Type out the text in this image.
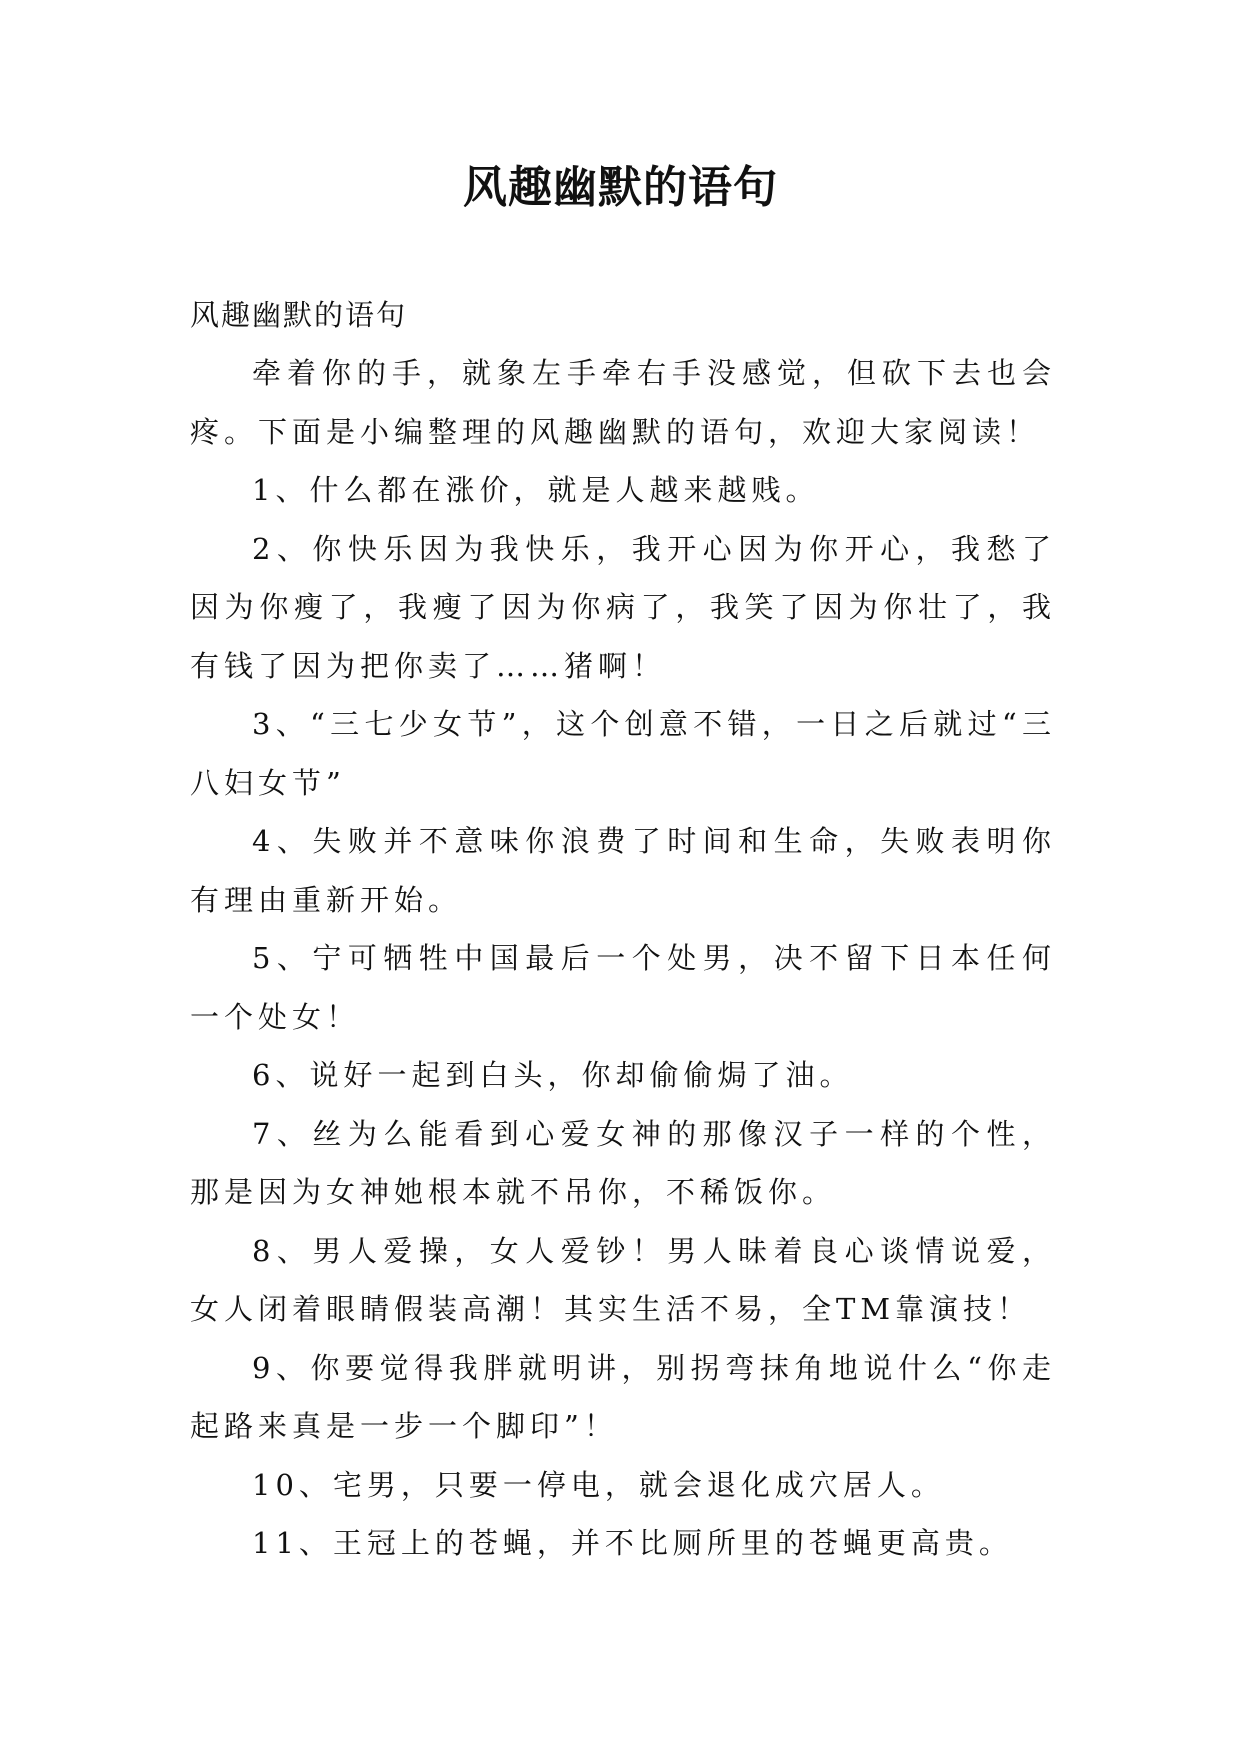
风趣幽默的语句

风趣幽默的语句

牵着你的手，就象左手牵右手没感觉，但砍下去也会疼。下面是小编整理的风趣幽默的语句，欢迎大家阅读！

1、什么都在涨价，就是人越来越贱。

2、你快乐因为我快乐，我开心因为你开心，我愁了因为你瘦了，我瘦了因为你病了，我笑了因为你壮了，我有钱了因为把你卖了……猪啊！

3、“三七少女节”，这个创意不错，一日之后就过“三八妇女节”

4、失败并不意味你浪费了时间和生命，失败表明你有理由重新开始。

5、宁可牺牲中国最后一个处男，决不留下日本任何一个处女！

6、说好一起到白头，你却偷偷焗了油。

7、丝为么能看到心爱女神的那像汉子一样的个性，那是因为女神她根本就不吊你，不稀饭你。

8、男人爱操，女人爱钞！男人昧着良心谈情说爱，女人闭着眼睛假装高潮！其实生活不易，全TM靠演技！

9、你要觉得我胖就明讲，别拐弯抹角地说什么“你走起路来真是一步一个脚印”！

10、宅男，只要一停电，就会退化成穴居人。

11、王冠上的苍蝇，并不比厕所里的苍蝇更高贵。
